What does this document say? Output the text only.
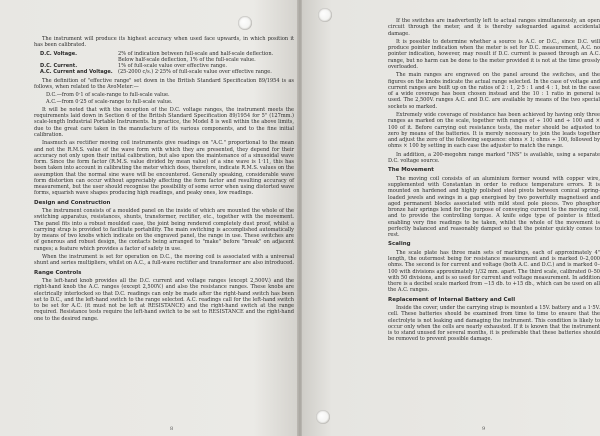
The instrument will produce its highest accuracy when used face upwards, in which position it has been calibrated.

D.C. Voltage.	2% of indication between full-scale and half-scale deflection.
Below half-scale deflection, 1% of the full-scale value.
D.C. Current.	1% of full-scale value over effective range.
A.C. Current and Voltage.	(25-2000 c/s.) 2·25% of full-scale value over effective range.

The definition of "effective range" set down in the British Standard Specification 89/1954 is as follows, when related to the AvoMeter:—

D.C.—from 0·1 of scale-range to full-scale value.
A.C.—from 0·25 of scale-range to full-scale value.

It will be noted that with the exception of the D.C. voltage ranges, the instrument meets the requirements laid down in Section 6 of the British Standard Specification 89/1954 for 5" (127mm.) scale-length Industrial Portable Instruments. In practice, the Model 8 is well within the above limits, due to the great care taken in the manufacture of its various components, and to the fine initial calibration.

Inasmuch as rectifier moving coil instruments give readings on "A.C." proportional to the mean and not the R.M.S. value of the wave form with which they are presented, they depend for their accuracy not only upon their initial calibration, but also upon the maintenance of a sinusoidal wave form. Since the form factor (R.M.S. value divided by mean value) of a sine wave is 1·11, this has been taken into account in calibrating the meter which does, therefore, indicate R.M.S. values on the assumption that the normal sine wave will be encountered. Generally speaking, considerable wave form distortion can occur without appreciably affecting the form factor and resulting accuracy of measurement, but the user should recognise the possibility of some error when using distorted wave forms, squarish wave shapes producing high readings, and peaky ones, low readings.

Design and Construction

The instrument consists of a moulded panel on the inside of which are mounted the whole of the switching apparatus, resistances, shunts, transformer, rectifier, etc., together with the movement. The panel fits into a robust moulded case, the joint being rendered completely dust proof, whilst a carrying strap is provided to facilitate portability. The main switching is accomplished automatically by means of two knobs which indicate on the engraved panel, the range in use. These switches are of generous and robust design, the contacts being arranged to "make" before "break" on adjacent ranges; a feature which provides a factor of safety in use.

When the instrument is set for operation on D.C., the moving coil is associated with a universal shunt and series multipliers, whilst on A.C., a full-wave rectifier and transformer are also introduced.

Range Controls

The left-hand knob provides all the D.C. current and voltage ranges (except 2,500V.) and the right-hand knob the A.C. ranges (except 2,500V.) and also the resistance ranges. These knobs are electrically interlocked so that D.C. readings can only be made after the right-hand switch has been set to D.C., and the left-hand switch to the range selected. A.C. readings call for the left-hand switch to be set for A.C. (it must not be left at RESISTANCE) and the right-hand switch at the range required. Resistance tests require the left-hand switch to be set to RESISTANCE and the right-hand one to the desired range.

8

If the switches are inadvertently left to actual ranges simultaneously, an open circuit through the meter, and it is thereby safeguarded against accidental damage.

It is possible to determine whether a source is A.C. or D.C., since D.C. will produce pointer indication when the meter is set for D.C. measurement, A.C. no pointer indication, however, may result if D.C. current is passed through an A.C. range, but no harm can be done to the meter provided it is not at the time grossly overloaded.

The main ranges are engraved on the panel around the switches, and the figures on the knobs indicate the actual range selected. In the case of voltage and current ranges are built up on the ratios of 2 : 1, 2·5 : 1 and 4 : 1, but in the case of a wide coverage has been chosen instead and the 10 : 1 ratio in general is used. The 2,500V. ranges A.C. and D.C. are available by means of the two special sockets so marked.

Extremely wide coverage of resistance has been achieved by having only three ranges as marked on the scale, together with ranges of ÷ 100 and ÷ 100 and × 100 of it. Before carrying out resistance tests, the meter should be adjusted to zero by means of the batteries. It is merely necessary to join the leads together and adjust the zero of the following sequence: ohms × 1; ohms ÷ 100, followed by ohms × 100 by setting in each case the adjuster to match the range.

In addition, a 200-megohm range marked "INS" is available, using a separate D.C. voltage source.

The Movement

The moving coil consists of an aluminium former wound with copper wire, supplemented with Constantan in order to reduce temperature errors. It is mounted on hardened and highly polished steel pivots between conical spring-loaded jewels and swings in a gap energised by two powerfully magnetised and aged permanent blocks associated with mild steel pole pieces. Two phosphor bronze hair springs lend for the purpose of conveying current to the moving coil, and to provide the controlling torque. A knife edge type of pointer is fitted enabling very fine readings to be taken, whilst the whole of the movement is perfectly balanced and reasonably damped so that the pointer quickly comes to rest.

Scaling

The scale plate has three main sets of markings, each of approximately 4" length, the outermost being for resistance measurement and is marked 0–2,000 ohms. The second is for current and voltage (both A.C. and D.C.) and is marked 0–100 with divisions approximately 1/32 mm. apart. The third scale, calibrated 0–50 with 50 divisions, and is so used for current and voltage measurement. In addition there is a decibel scale marked from −15 db. to +15 db., which can be used on all the A.C. ranges.

Replacement of Internal Battery and Cell

Inside the cover, under the carrying strap is mounted a 15V. battery and a 1·5V. cell. These batteries should be examined from time to time to ensure that the electrolyte is not leaking and damaging the instrument. This condition is likely to occur only when the cells are nearly exhausted. If it is known that the instrument is to stand unused for several months, it is preferable that these batteries should be removed to prevent possible damage.

9
